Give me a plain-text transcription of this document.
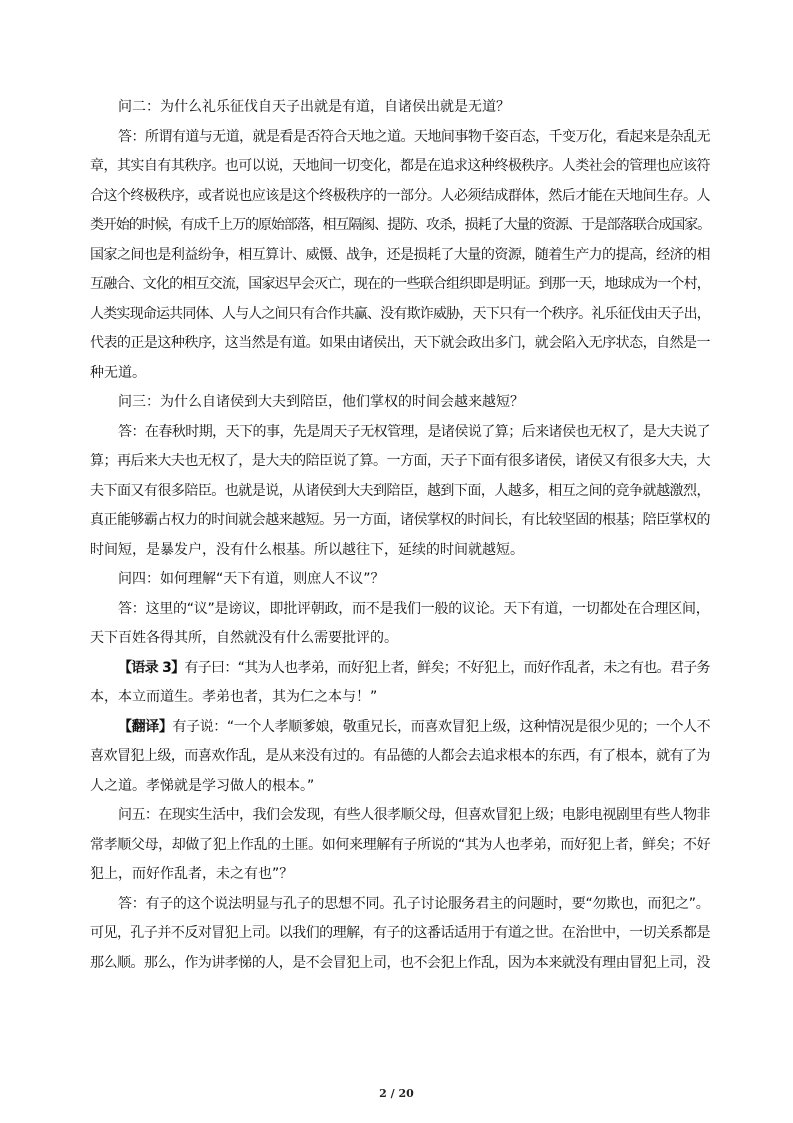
问二：为什么礼乐征伐自天子出就是有道，自诸侯出就是无道？
答：所谓有道与无道，就是看是否符合天地之道。天地间事物千姿百态，千变万化，看起来是杂乱无
章，其实自有其秩序。也可以说，天地间一切变化，都是在追求这种终极秩序。人类社会的管理也应该符
合这个终极秩序，或者说也应该是这个终极秩序的一部分。人必须结成群体，然后才能在天地间生存。人
类开始的时候，有成千上万的原始部落，相互隔阂、提防、攻杀，损耗了大量的资源、于是部落联合成国家。
国家之间也是利益纷争，相互算计、威慑、战争，还是损耗了大量的资源，随着生产力的提高，经济的相
互融合、文化的相互交流，国家迟早会灭亡，现在的一些联合组织即是明证。到那一天，地球成为一个村，
人类实现命运共同体、人与人之间只有合作共赢、没有欺诈威胁，天下只有一个秩序。礼乐征伐由天子出，
代表的正是这种秩序，这当然是有道。如果由诸侯出，天下就会政出多门，就会陷入无序状态，自然是一
种无道。
问三：为什么自诸侯到大夫到陪臣，他们掌权的时间会越来越短？
答：在春秋时期，天下的事，先是周天子无权管理，是诸侯说了算；后来诸侯也无权了，是大夫说了
算；再后来大夫也无权了，是大夫的陪臣说了算。一方面，天子下面有很多诸侯，诸侯又有很多大夫，大
夫下面又有很多陪臣。也就是说，从诸侯到大夫到陪臣，越到下面，人越多，相互之间的竞争就越激烈，
真正能够霸占权力的时间就会越来越短。另一方面，诸侯掌权的时间长，有比较坚固的根基；陪臣掌权的
时间短，是暴发户，没有什么根基。所以越往下，延续的时间就越短。
问四：如何理解“天下有道，则庶人不议”？
答：这里的“议”是谤议，即批评朝政，而不是我们一般的议论。天下有道，一切都处在合理区间，
天下百姓各得其所，自然就没有什么需要批评的。
【语录 3】有子曰：“其为人也孝弟，而好犯上者，鲜矣；不好犯上，而好作乱者，未之有也。君子务
本，本立而道生。孝弟也者，其为仁之本与！”
【翻译】有子说：“一个人孝顺爹娘，敬重兄长，而喜欢冒犯上级，这种情况是很少见的；一个人不
喜欢冒犯上级，而喜欢作乱，是从来没有过的。有品德的人都会去追求根本的东西，有了根本，就有了为
人之道。孝悌就是学习做人的根本。”
问五：在现实生活中，我们会发现，有些人很孝顺父母，但喜欢冒犯上级；电影电视剧里有些人物非
常孝顺父母，却做了犯上作乱的土匪。如何来理解有子所说的“其为人也孝弟，而好犯上者，鲜矣；不好
犯上，而好作乱者，未之有也”？
答：有子的这个说法明显与孔子的思想不同。孔子讨论服务君主的问题时，要“勿欺也，而犯之”。
可见，孔子并不反对冒犯上司。以我们的理解，有子的这番话适用于有道之世。在治世中，一切关系都是
那么顺。那么，作为讲孝悌的人，是不会冒犯上司，也不会犯上作乱，因为本来就没有理由冒犯上司，没
2 / 20
